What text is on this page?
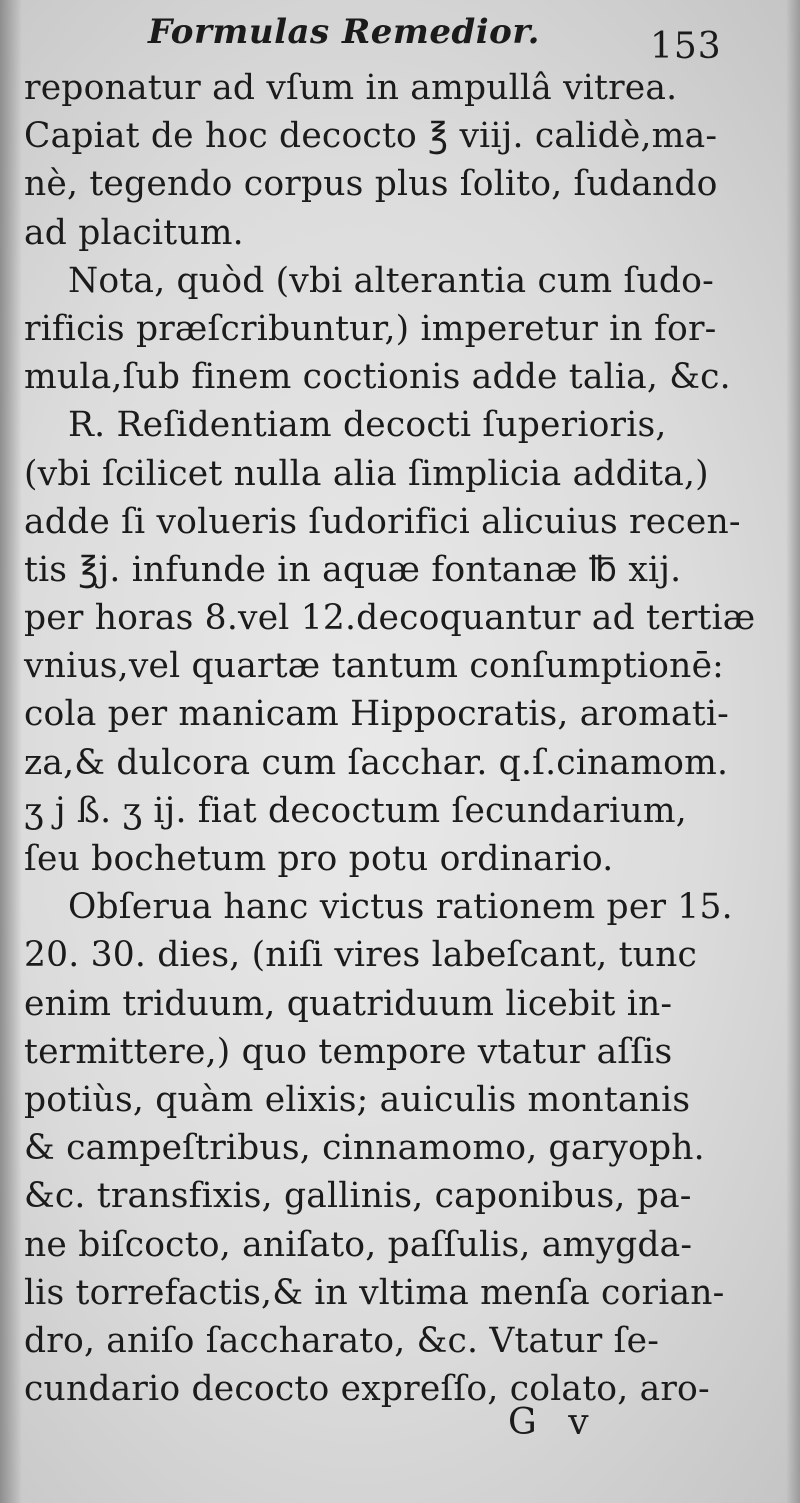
Formulas Remedior.	153
reponatur ad vſum in ampullâ vitrea.
Capiat de hoc decocto ℥ viij. calidè,ma-
nè, tegendo corpus plus ſolito, ſudando
ad placitum.
Nota, quòd (vbi alterantia cum ſudo-
rificis præſcribuntur,) imperetur in for-
mula,ſub finem coctionis adde talia, &c.
R. Reſidentiam decocti ſuperioris,
(vbi ſcilicet nulla alia ſimplicia addita,)
adde ſi volueris ſudorifici alicuius recen-
tis ℥j. infunde in aquæ fontanæ ℔ xij.
per horas 8.vel 12.decoquantur ad tertiæ
vnius,vel quartæ tantum conſumptionē:
cola per manicam Hippocratis, aromati-
za,& dulcora cum ſacchar. q.ſ.cinamom.
ʒ j ß. ʒ ij. fiat decoctum ſecundarium,
ſeu bochetum pro potu ordinario.
Obſerua hanc victus rationem per 15.
20. 30. dies, (niſi vires labeſcant, tunc
enim triduum, quatriduum licebit in-
termittere,) quo tempore vtatur aſſis
potiùs, quàm elixis; auiculis montanis
& campeſtribus, cinnamomo, garyoph.
&c. transfixis, gallinis, caponibus, pa-
ne biſcocto, aniſato, paſſulis, amygda-
lis torrefactis,& in vltima menſa corian-
dro, aniſo ſaccharato, &c. Vtatur ſe-
cundario decocto expreſſo, colato, aro-
G v
